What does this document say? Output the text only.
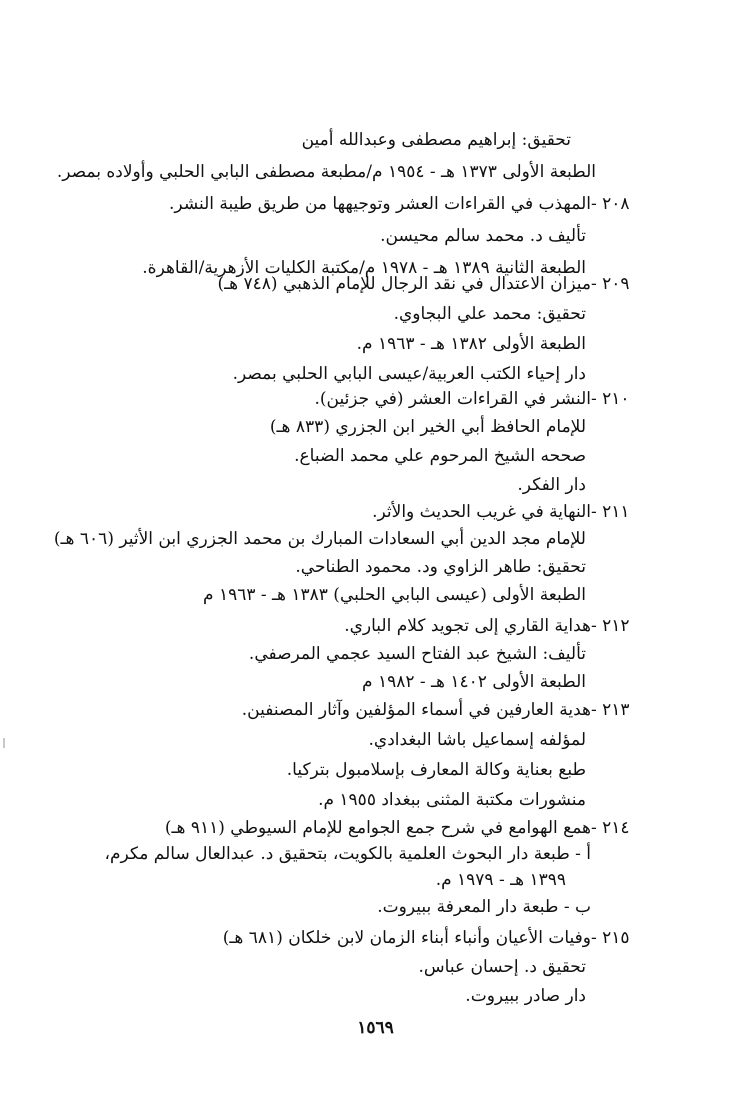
تحقيق: إبراهيم مصطفى وعبدالله أمين
الطبعة الأولى ١٣٧٣ هـ - ١٩٥٤ م/مطبعة مصطفى البابي الحلبي وأولاده بمصر.
٢٠٨ -
المهذب في القراءات العشر وتوجيهها من طريق طيبة النشر.
تأليف د. محمد سالم محيسن.
الطبعة الثانية ١٣٨٩ هـ - ١٩٧٨ م/مكتبة الكليات الأزهرية/القاهرة.
٢٠٩ -
ميزان الاعتدال في نقد الرجال للإمام الذهبي (٧٤٨ هـ)
تحقيق: محمد علي البجاوي.
الطبعة الأولى ١٣٨٢ هـ - ١٩٦٣ م.
دار إحياء الكتب العربية/عيسى البابي الحلبي بمصر.
٢١٠ -
النشر في القراءات العشر (في جزئين).
للإمام الحافظ أبي الخير ابن الجزري (٨٣٣ هـ)
صححه الشيخ المرحوم علي محمد الضباع.
دار الفكر.
٢١١ -
النهاية في غريب الحديث والأثر.
للإمام مجد الدين أبي السعادات المبارك بن محمد الجزري ابن الأثير (٦٠٦ هـ)
تحقيق: طاهر الزاوي ود. محمود الطناحي.
الطبعة الأولى (عيسى البابي الحلبي) ١٣٨٣ هـ - ١٩٦٣ م
٢١٢ -
هداية القاري إلى تجويد كلام الباري.
تأليف: الشيخ عبد الفتاح السيد عجمي المرصفي.
الطبعة الأولى ١٤٠٢ هـ - ١٩٨٢ م
٢١٣ -
هدية العارفين في أسماء المؤلفين وآثار المصنفين.
لمؤلفه إسماعيل باشا البغدادي.
طبع بعناية وكالة المعارف بإسلامبول بتركيا.
منشورات مكتبة المثنى ببغداد ١٩٥٥ م.
٢١٤ -
همع الهوامع في شرح جمع الجوامع للإمام السيوطي (٩١١ هـ)
أ - طبعة دار البحوث العلمية بالكويت، بتحقيق د. عبدالعال سالم مكرم،
١٣٩٩ هـ - ١٩٧٩ م.
ب - طبعة دار المعرفة ببيروت.
٢١٥ -
وفيات الأعيان وأنباء أبناء الزمان لابن خلكان (٦٨١ هـ)
تحقيق د. إحسان عباس.
دار صادر ببيروت.
١٥٦٩
